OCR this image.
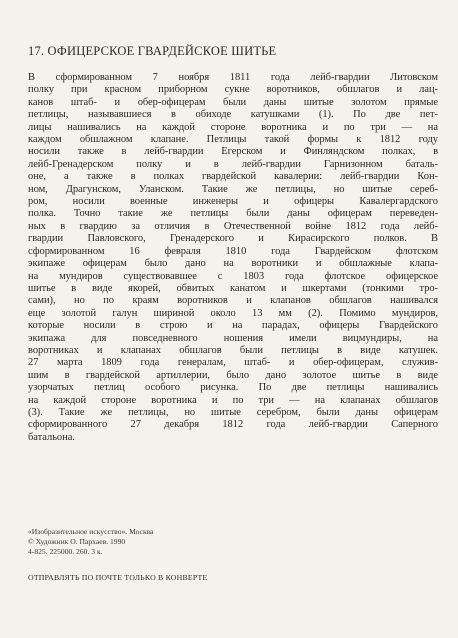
17. ОФИЦЕРСКОЕ ГВАРДЕЙСКОЕ ШИТЬЕ
В сформированном 7 ноября 1811 года лейб-гвардии Литовском
полку при красном приборном сукне воротников, обшлагов и лац-
канов штаб- и обер-офицерам были даны шитые золотом прямые
петлицы, называвшиеся в обиходе катушками (1). По две пет-
лицы нашивались на каждой стороне воротника и по три — на
каждом обшлажном клапане. Петлицы такой формы к 1812 году
носили также в лейб-гвардии Егерском и Финляндском полках, в
лейб-Гренадерском полку и в лейб-гвардии Гарнизонном баталь-
оне, а также в полках гвардейской кавалерии: лейб-гвардии Кон-
ном, Драгунском, Уланском. Такие же петлицы, но шитые сереб-
ром, носили военные инженеры и офицеры Кавалергардского
полка. Точно такие же петлицы были даны офицерам переведен-
ных в гвардию за отличия в Отечественной войне 1812 года лейб-
гвардии Павловского, Гренадерского и Кирасирского полков. В
сформированном 16 февраля 1810 года Гвардейском флотском
экипаже офицерам было дано на воротники и обшлажные клапа-
на мундиров существовавшее с 1803 года флотское офицерское
шитье в виде якорей, обвитых канатом и шкертами (тонкими тро-
сами), но по краям воротников и клапанов обшлагов нашивался
еще золотой галун шириной около 13 мм (2). Помимо мундиров,
которые носили в строю и на парадах, офицеры Гвардейского
экипажа для повседневного ношения имели вицмундиры, на
воротниках и клапанах обшлагов были петлицы в виде катушек.
27 марта 1809 года генералам, штаб- и обер-офицерам, служив-
шим в гвардейской артиллерии, было дано золотое шитье в виде
узорчатых петлиц особого рисунка. По две петлицы нашивались
на каждой стороне воротника и по три — на клапанах обшлагов
(3). Такие же петлицы, но шитые серебром, были даны офицерам
сформированного 27 декабря 1812 года лейб-гвардии Саперного
батальона.
«Изобразительное искусство». Москва
© Художник О. Пархаев. 1990
4-825. 225000. 260. 3 к.
ОТПРАВЛЯТЬ ПО ПОЧТЕ ТОЛЬКО В КОНВЕРТЕ
